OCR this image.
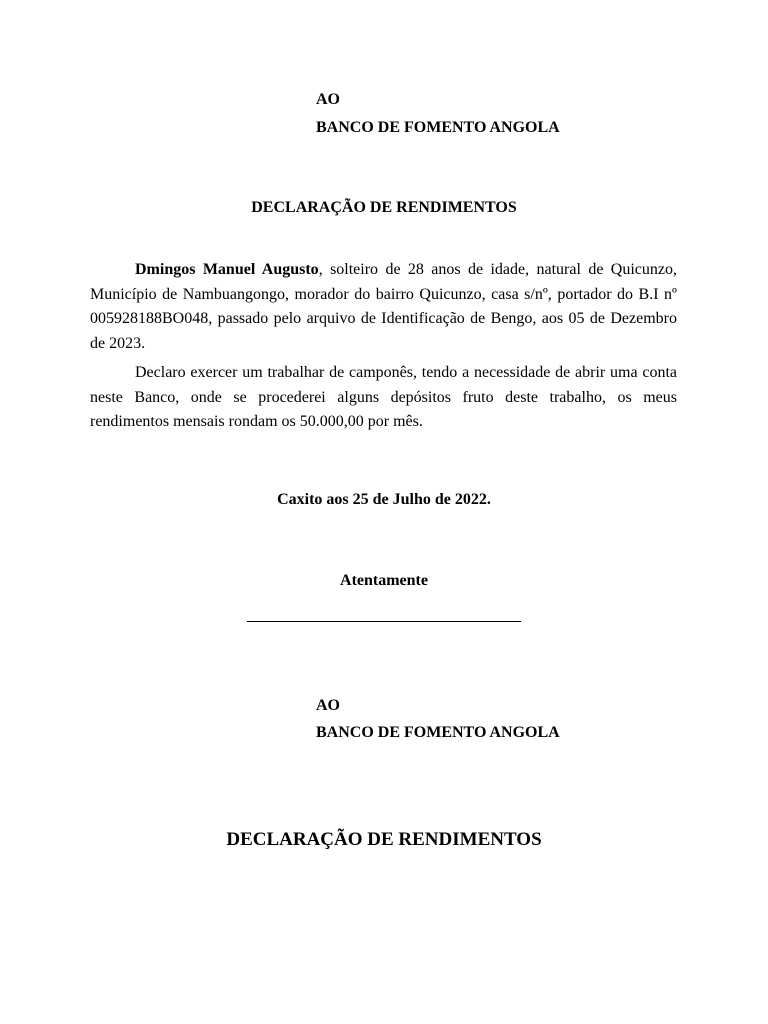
AO
BANCO DE FOMENTO ANGOLA
DECLARAÇÃO DE RENDIMENTOS

Dmingos Manuel Augusto, solteiro de 28 anos de idade, natural de Quicunzo, Município de Nambuangongo, morador do bairro Quicunzo, casa s/nº, portador do B.I nº 005928188BO048, passado pelo arquivo de Identificação de Bengo, aos 05 de Dezembro de 2023.

Declaro exercer um trabalhar de camponês, tendo a necessidade de abrir uma conta neste Banco, onde se procederei alguns depósitos fruto deste trabalho, os meus rendimentos mensais rondam os 50.000,00 por mês.

Caxito aos 25 de Julho de 2022.
Atentamente
AO
BANCO DE FOMENTO ANGOLA
DECLARAÇÃO DE RENDIMENTOS
